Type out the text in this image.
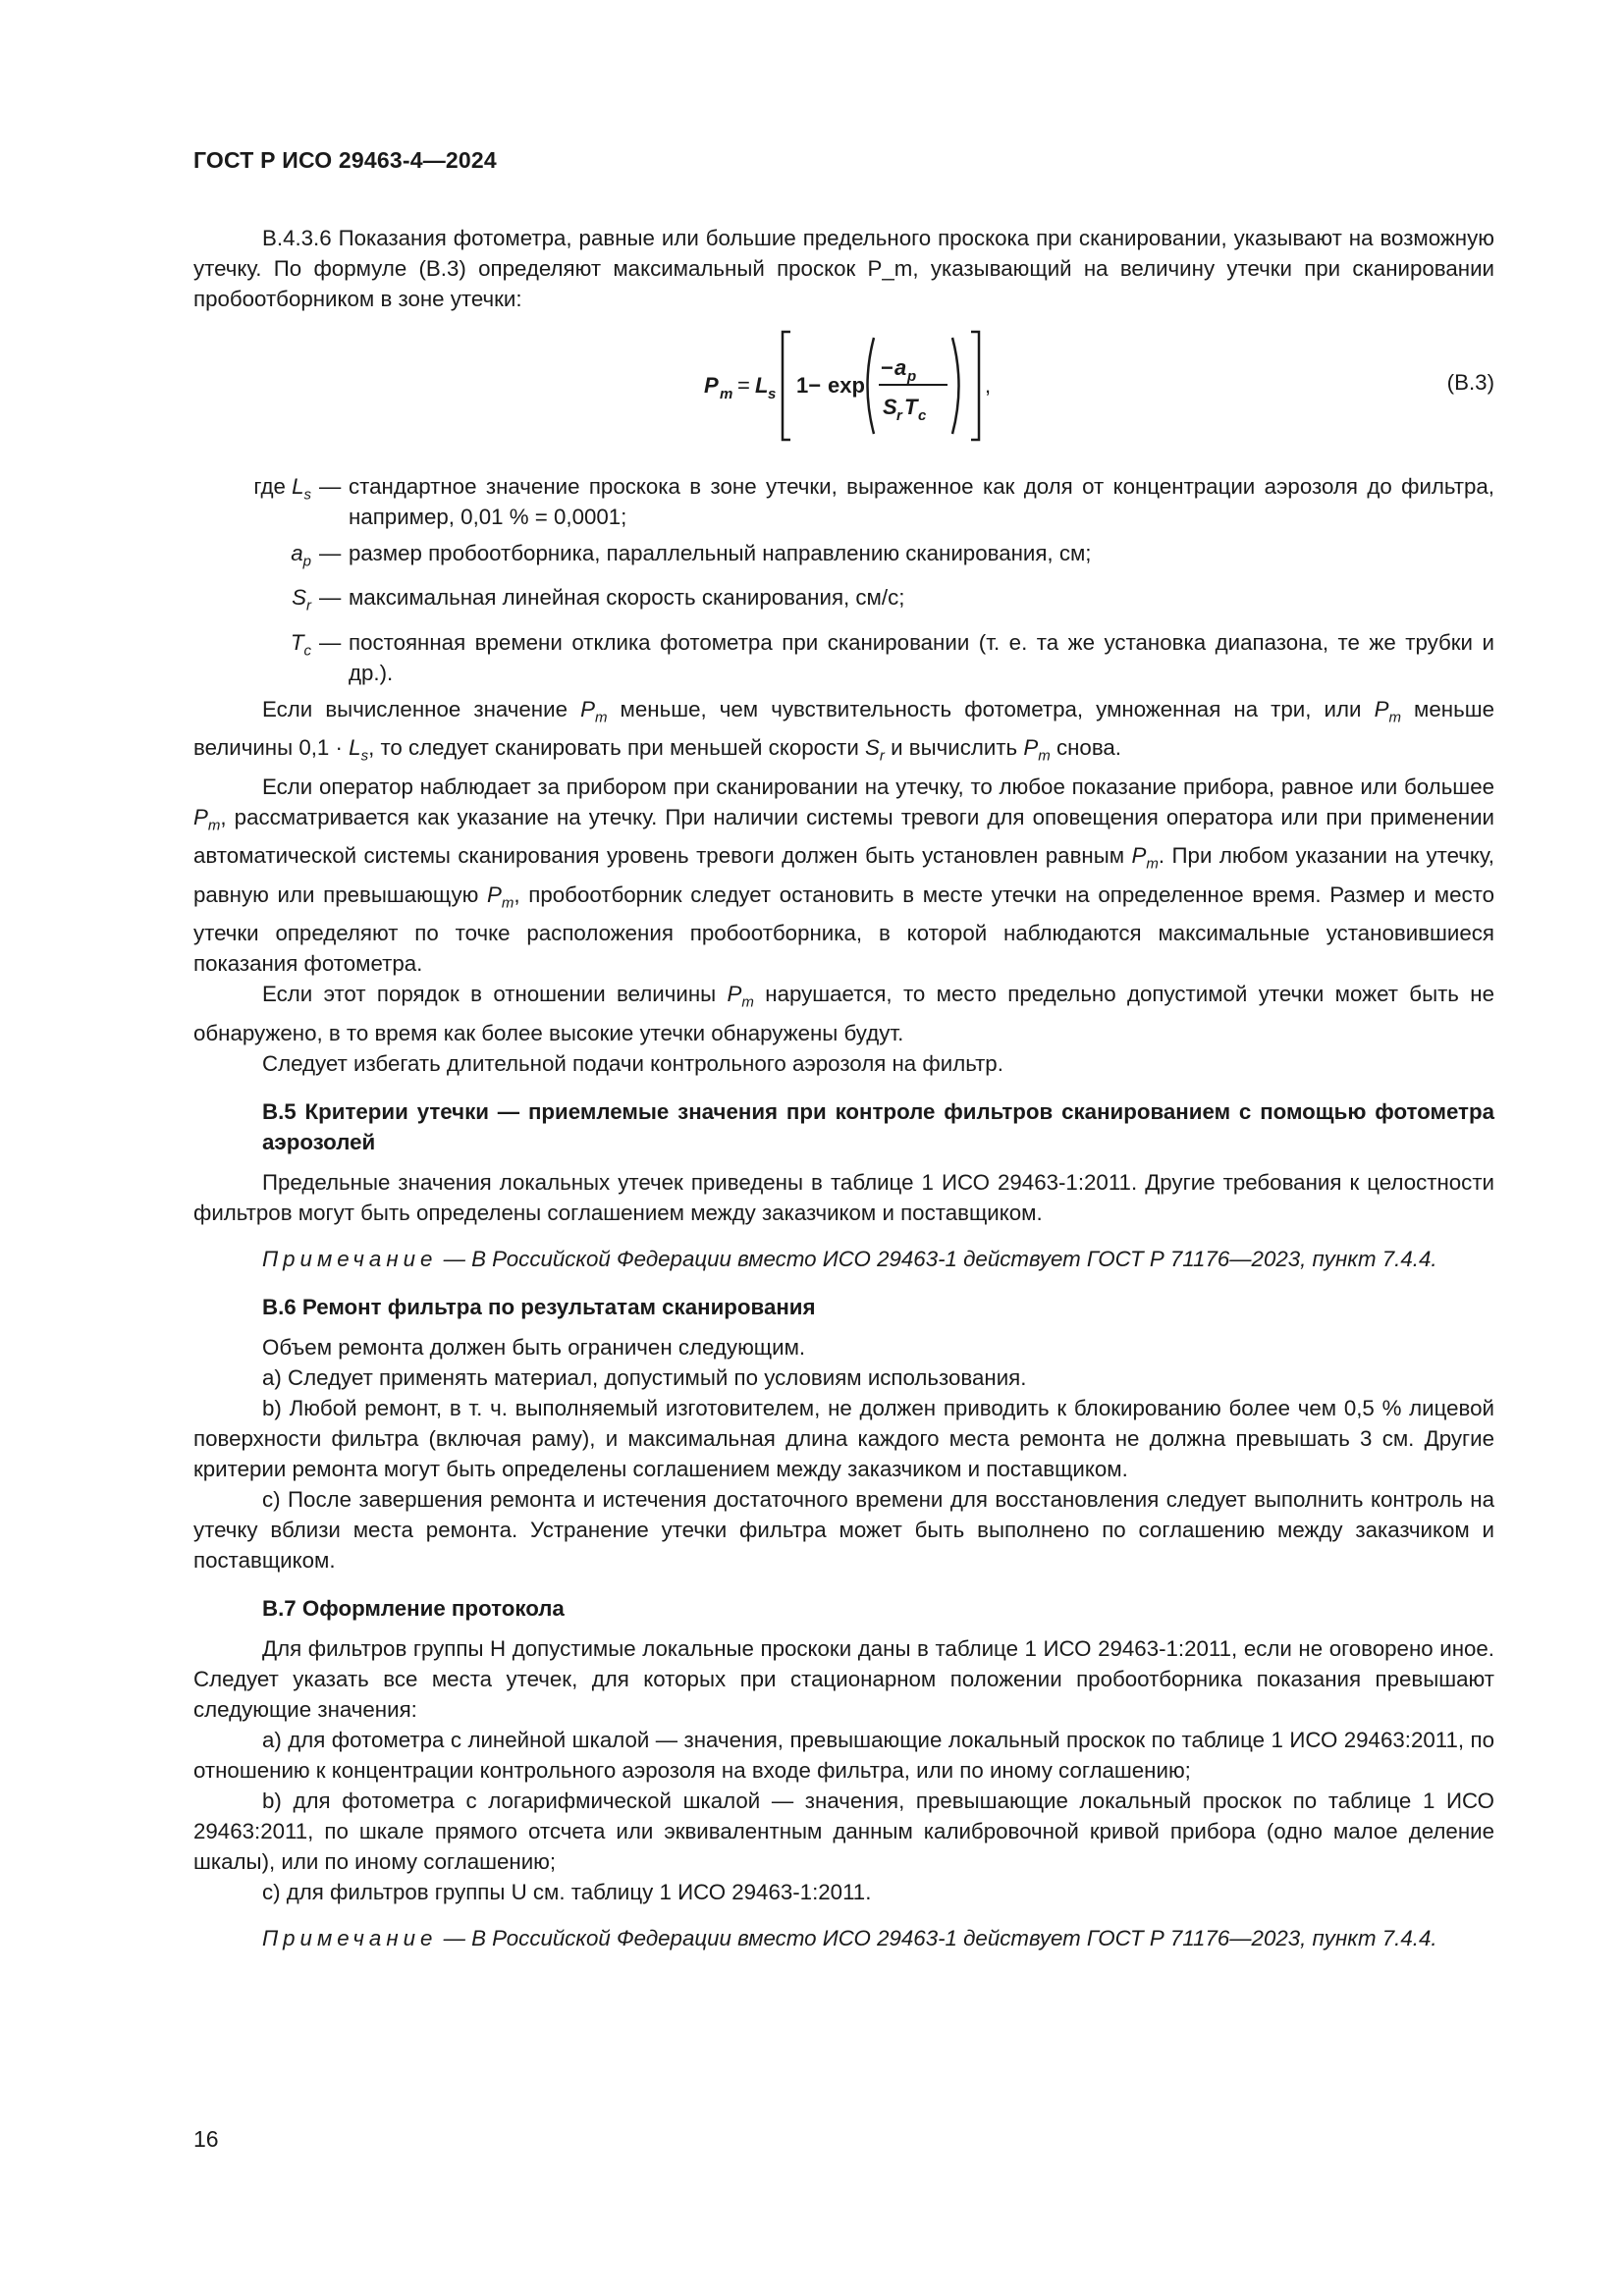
ГОСТ Р ИСО 29463-4—2024

B.4.3.6 Показания фотометра, равные или большие предельного проскока при сканировании, указывают на возможную утечку. По формуле (B.3) определяют максимальный проскок P_m, указывающий на величину утечки при сканировании пробоотборником в зоне утечки:

P m = L s 1− exp
− a p
S r T c
,	(B.3)
где $L_s$ — стандартное значение проскока в зоне утечки, выраженное как доля от концентрации аэрозоля до фильтра, например, 0,01 % = 0,0001;
$a_p$ — размер пробоотборника, параллельный направлению сканирования, см;
$S_r$ — максимальная линейная скорость сканирования, см/с;
$T_c$ — постоянная времени отклика фотометра при сканировании (т. е. та же установка диапазона, те же трубки и др.).

Если вычисленное значение $P_m$ меньше, чем чувствительность фотометра, умноженная на три, или $P_m$ меньше величины $0,1 \cdot L_s$, то следует сканировать при меньшей скорости $S_r$ и вычислить $P_m$ снова.

Если оператор наблюдает за прибором при сканировании на утечку, то любое показание прибора, равное или большее $P_m$, рассматривается как указание на утечку. При наличии системы тревоги для оповещения оператора или при применении автоматической системы сканирования уровень тревоги должен быть установлен равным $P_m$. При любом указании на утечку, равную или превышающую $P_m$, пробоотборник следует остановить в месте утечки на определенное время. Размер и место утечки определяют по точке расположения пробоотборника, в которой наблюдаются максимальные установившиеся показания фотометра.

Если этот порядок в отношении величины $P_m$ нарушается, то место предельно допустимой утечки может быть не обнаружено, в то время как более высокие утечки обнаружены будут.

Следует избегать длительной подачи контрольного аэрозоля на фильтр.

B.5 Критерии утечки — приемлемые значения при контроле фильтров сканированием с помощью фотометра аэрозолей

Предельные значения локальных утечек приведены в таблице 1 ИСО 29463-1:2011. Другие требования к целостности фильтров могут быть определены соглашением между заказчиком и поставщиком.

Примечание — В Российской Федерации вместо ИСО 29463-1 действует ГОСТ Р 71176—2023, пункт 7.4.4.

B.6 Ремонт фильтра по результатам сканирования

Объем ремонта должен быть ограничен следующим.

a) Следует применять материал, допустимый по условиям использования.

b) Любой ремонт, в т. ч. выполняемый изготовителем, не должен приводить к блокированию более чем 0,5 % лицевой поверхности фильтра (включая раму), и максимальная длина каждого места ремонта не должна превышать 3 см. Другие критерии ремонта могут быть определены соглашением между заказчиком и поставщиком.

c) После завершения ремонта и истечения достаточного времени для восстановления следует выполнить контроль на утечку вблизи места ремонта. Устранение утечки фильтра может быть выполнено по соглашению между заказчиком и поставщиком.

B.7 Оформление протокола

Для фильтров группы H допустимые локальные проскоки даны в таблице 1 ИСО 29463-1:2011, если не оговорено иное. Следует указать все места утечек, для которых при стационарном положении пробоотборника показания превышают следующие значения:

a) для фотометра с линейной шкалой — значения, превышающие локальный проскок по таблице 1 ИСО 29463:2011, по отношению к концентрации контрольного аэрозоля на входе фильтра, или по иному соглашению;

b) для фотометра с логарифмической шкалой — значения, превышающие локальный проскок по таблице 1 ИСО 29463:2011, по шкале прямого отсчета или эквивалентным данным калибровочной кривой прибора (одно малое деление шкалы), или по иному соглашению;

c) для фильтров группы U см. таблицу 1 ИСО 29463-1:2011.

Примечание — В Российской Федерации вместо ИСО 29463-1 действует ГОСТ Р 71176—2023, пункт 7.4.4.

16
